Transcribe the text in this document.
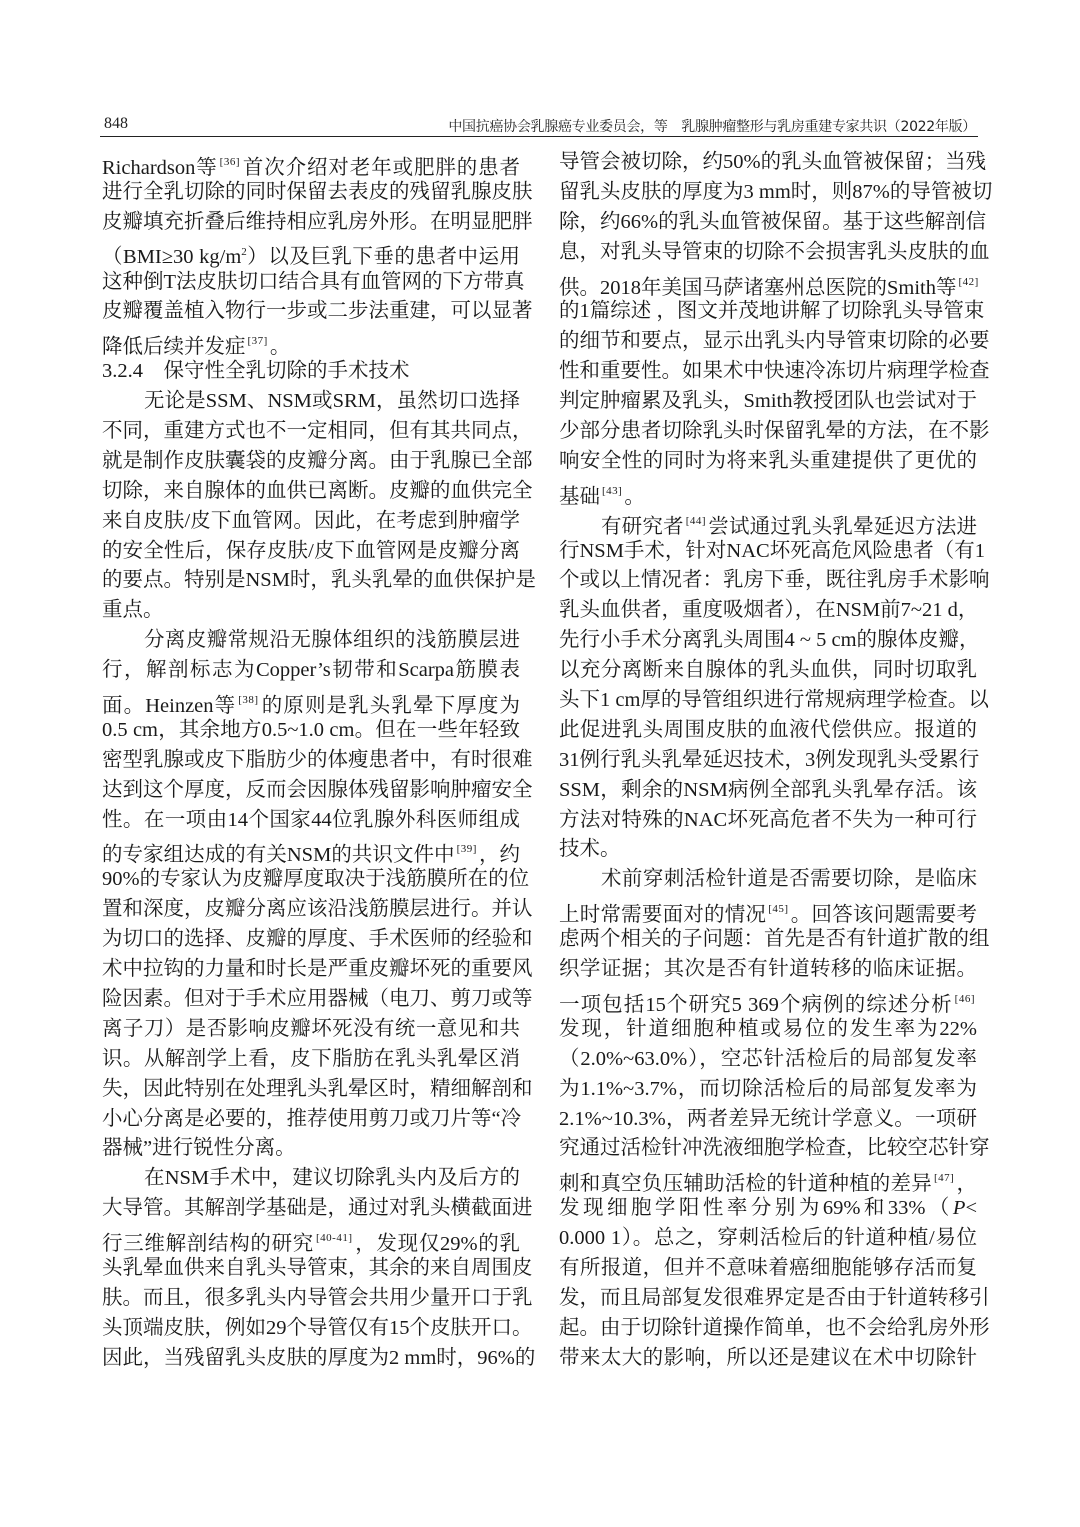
848	中国抗癌协会乳腺癌专业委员会，等　乳腺肿瘤整形与乳房重建专家共识（2022年版）
Richardson等 [36]首次介绍对老年或肥胖的患者
进行全乳切除的同时保留去表皮的残留乳腺皮肤
皮瓣填充折叠后维持相应乳房外形。在明显肥胖
（BMI≥30 $kg/m^2$）以及巨乳下垂的患者中运用
这种倒T法皮肤切口结合具有血管网的下方带真
皮瓣覆盖植入物行一步或二步法重建，可以显著
降低后续并发症 [37]。
3.2.4　保守性全乳切除的手术技术
无论是SSM、NSM或SRM，虽然切口选择
不同，重建方式也不一定相同，但有其共同点，
就是制作皮肤囊袋的皮瓣分离。由于乳腺已全部
切除，来自腺体的血供已离断。皮瓣的血供完全
来自皮肤/皮下血管网。因此，在考虑到肿瘤学
的安全性后，保存皮肤/皮下血管网是皮瓣分离
的要点。特别是NSM时，乳头乳晕的血供保护是
重点。
分离皮瓣常规沿无腺体组织的浅筋膜层进
行，解剖标志为Copper’s韧带和Scarpa筋膜表
面。Heinzen等 [38]的原则是乳头乳晕下厚度为
0.5 cm，其余地方0.5~1.0 cm。但在一些年轻致
密型乳腺或皮下脂肪少的体瘦患者中，有时很难
达到这个厚度，反而会因腺体残留影响肿瘤安全
性。在一项由14个国家44位乳腺外科医师组成
的专家组达成的有关NSM的共识文件中 [39]，约
90%的专家认为皮瓣厚度取决于浅筋膜所在的位
置和深度，皮瓣分离应该沿浅筋膜层进行。并认
为切口的选择、皮瓣的厚度、手术医师的经验和
术中拉钩的力量和时长是严重皮瓣坏死的重要风
险因素。但对于手术应用器械（电刀、剪刀或等
离子刀）是否影响皮瓣坏死没有统一意见和共
识。从解剖学上看，皮下脂肪在乳头乳晕区消
失，因此特别在处理乳头乳晕区时，精细解剖和
小心分离是必要的，推荐使用剪刀或刀片等“冷
器械”进行锐性分离。
在NSM手术中，建议切除乳头内及后方的
大导管。其解剖学基础是，通过对乳头横截面进
行三维解剖结构的研究 [40-41]，发现仅29%的乳
头乳晕血供来自乳头导管束，其余的来自周围皮
肤。而且，很多乳头内导管会共用少量开口于乳
头顶端皮肤，例如29个导管仅有15个皮肤开口。
因此，当残留乳头皮肤的厚度为2 mm时，96%的
导管会被切除，约50%的乳头血管被保留；当残
留乳头皮肤的厚度为3 mm时，则87%的导管被切
除，约66%的乳头血管被保留。基于这些解剖信
息，对乳头导管束的切除不会损害乳头皮肤的血
供。2018年美国马萨诸塞州总医院的Smith等 [42]
的1篇综述 ，图文并茂地讲解了切除乳头导管束
的细节和要点，显示出乳头内导管束切除的必要
性和重要性。如果术中快速冷冻切片病理学检查
判定肿瘤累及乳头，Smith教授团队也尝试对于
少部分患者切除乳头时保留乳晕的方法，在不影
响安全性的同时为将来乳头重建提供了更优的
基础 [43]。
有研究者 [44]尝试通过乳头乳晕延迟方法进
行NSM手术，针对NAC坏死高危风险患者（有1
个或以上情况者：乳房下垂，既往乳房手术影响
乳头血供者，重度吸烟者），在NSM前7~21 d，
先行小手术分离乳头周围4 ~ 5 cm的腺体皮瓣，
以充分离断来自腺体的乳头血供，同时切取乳
头下1 cm厚的导管组织进行常规病理学检查。以
此促进乳头周围皮肤的血液代偿供应。报道的
31例行乳头乳晕延迟技术，3例发现乳头受累行
SSM，剩余的NSM病例全部乳头乳晕存活。该
方法对特殊的NAC坏死高危者不失为一种可行
技术。
术前穿刺活检针道是否需要切除，是临床
上时常需要面对的情况 [45]。回答该问题需要考
虑两个相关的子问题：首先是否有针道扩散的组
织学证据；其次是否有针道转移的临床证据。
一项包括15个研究5 369个病例的综述分析 [46]
发现，针道细胞种植或易位的发生率为22%
（2.0%~63.0%），空芯针活检后的局部复发率
为1.1%~3.7%，而切除活检后的局部复发率为
2.1%~10.3%，两者差异无统计学意义。一项研
究通过活检针冲洗液细胞学检查，比较空芯针穿
刺和真空负压辅助活检的针道种植的差异 [47]，
发现细胞学阳性率分别为69%和33%（P<
0.000 1）。总之，穿刺活检后的针道种植/易位
有所报道，但并不意味着癌细胞能够存活而复
发，而且局部复发很难界定是否由于针道转移引
起。由于切除针道操作简单，也不会给乳房外形
带来太大的影响，所以还是建议在术中切除针
